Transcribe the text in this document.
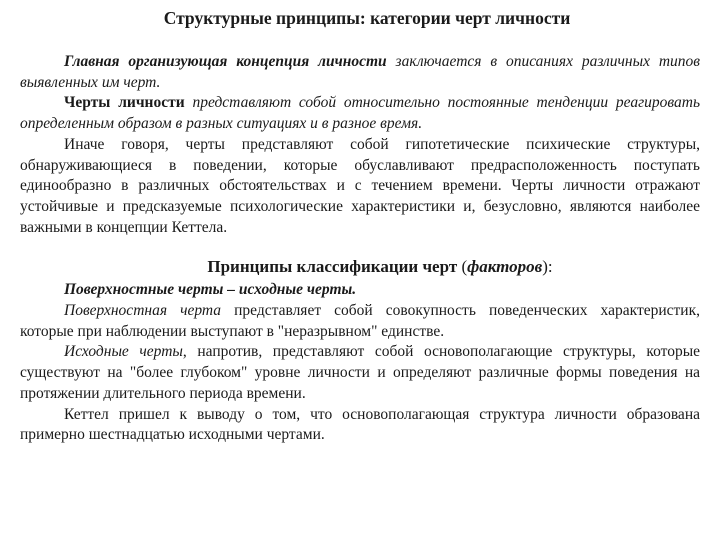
Структурные принципы: категории черт личности

Главная организующая концепция личности заключается в описаниях различных типов выявленных им черт.

Черты личности представляют собой относительно постоянные тенденции реагировать определенным образом в разных ситуациях и в разное время.

Иначе говоря, черты представляют собой гипотетические психические структуры, обнаруживающиеся в поведении, которые обуславливают предрасположенность поступать единообразно в различных обстоятельствах и с течением времени. Черты личности отражают устойчивые и предсказуемые психологические характеристики и, безусловно, являются наиболее важными в концепции Кеттела.

Принципы классификации черт (факторов):

Поверхностные черты – исходные черты.

Поверхностная черта представляет собой совокупность поведенческих характеристик, которые при наблюдении выступают в "неразрывном" единстве.

Исходные черты, напротив, представляют собой основополагающие структуры, которые существуют на "более глубоком" уровне личности и определяют различные формы поведения на протяжении длительного периода времени.

Кеттел пришел к выводу о том, что основополагающая структура личности образована примерно шестнадцатью исходными чертами.
